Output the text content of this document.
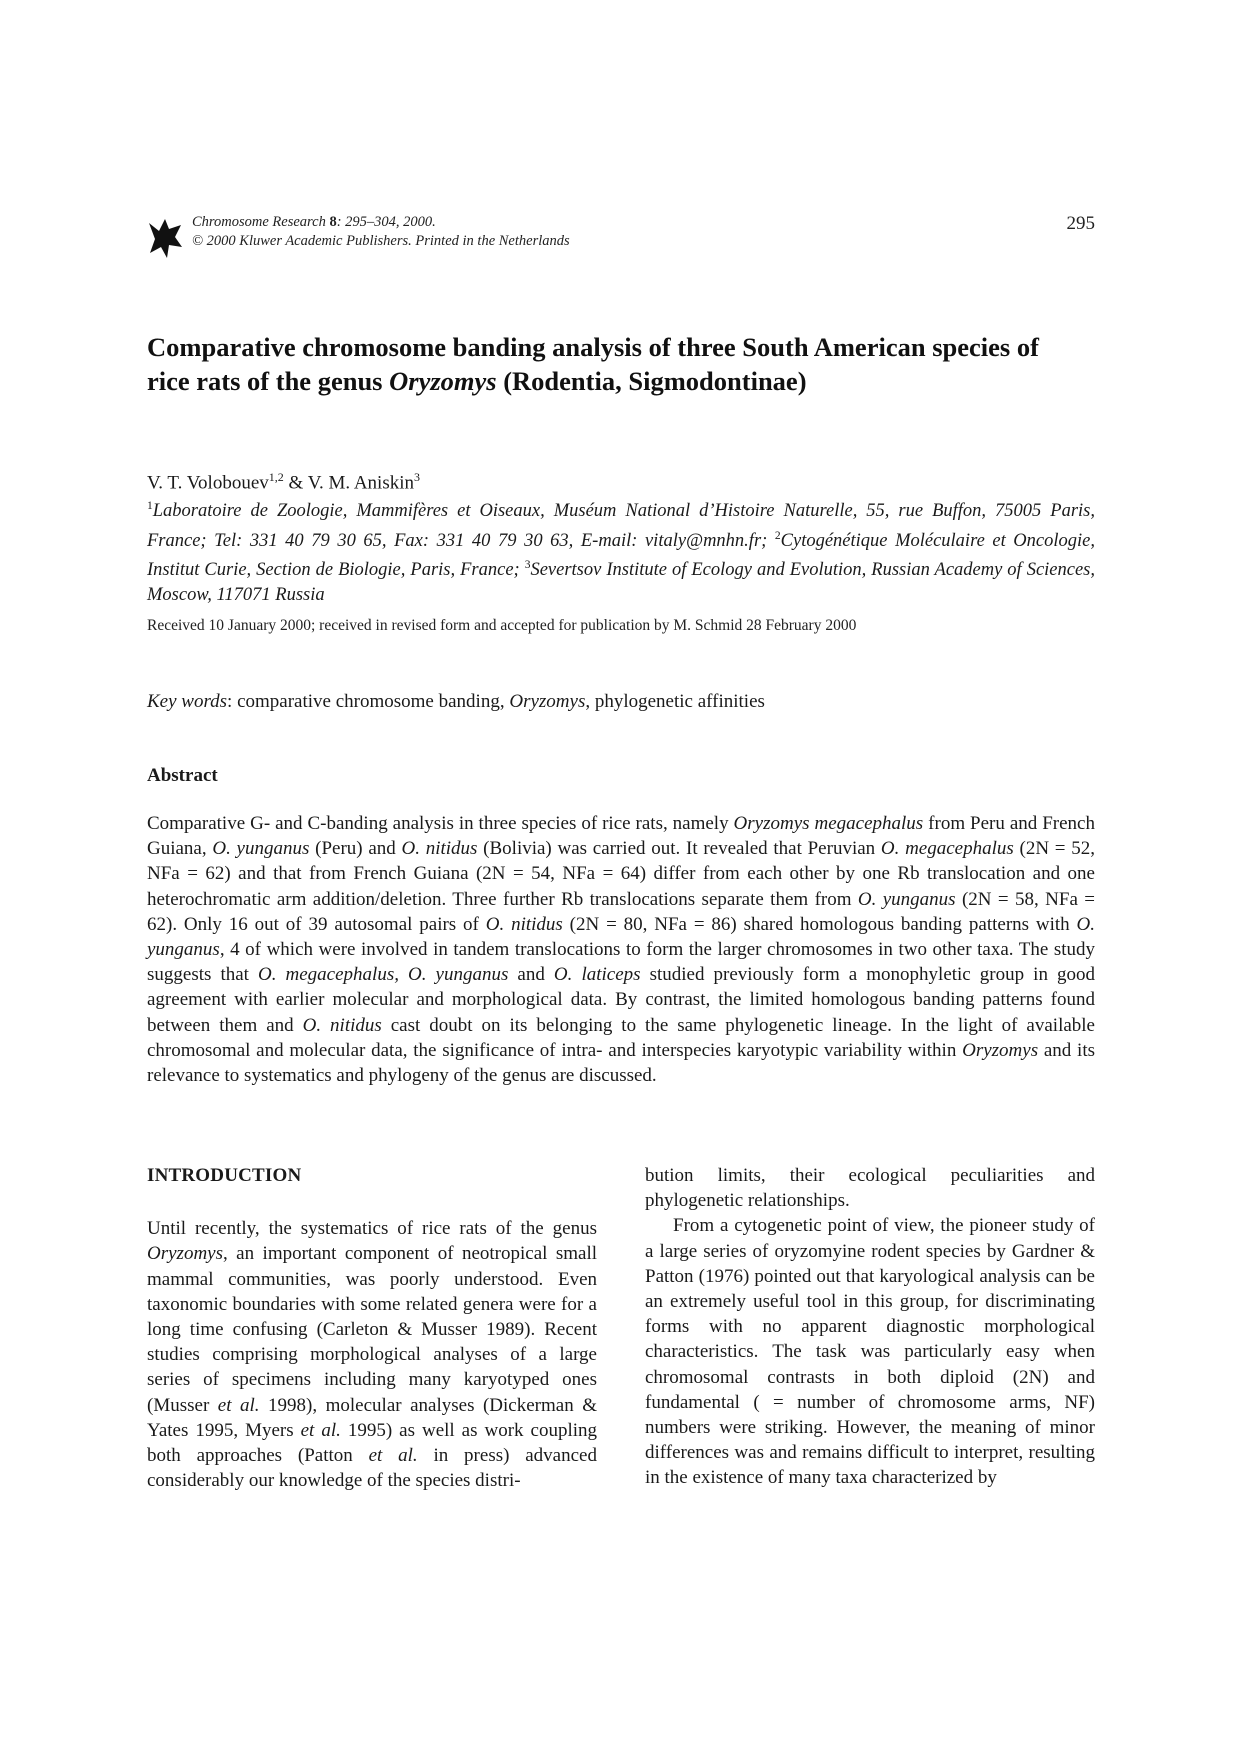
Chromosome Research 8: 295–304, 2000.
© 2000 Kluwer Academic Publishers. Printed in the Netherlands
295
Comparative chromosome banding analysis of three South American species of
rice rats of the genus Oryzomys (Rodentia, Sigmodontinae)

V. T. Volobouev$^{1,2}$ & V. M. Aniskin$^3$

$^1$Laboratoire de Zoologie, Mammifères et Oiseaux, Muséum National d’Histoire Naturelle, 55, rue Buffon, 75005 Paris, France; Tel: 331 40 79 30 65, Fax: 331 40 79 30 63, E-mail: vitaly@mnhn.fr; $^2$Cytogénétique Moléculaire et Oncologie, Institut Curie, Section de Biologie, Paris, France; $^3$Severtsov Institute of Ecology and Evolution, Russian Academy of Sciences, Moscow, 117071 Russia

Received 10 January 2000; received in revised form and accepted for publication by M. Schmid 28 February 2000

Key words: comparative chromosome banding, Oryzomys, phylogenetic affinities

Abstract

Comparative G- and C-banding analysis in three species of rice rats, namely Oryzomys megacephalus from Peru and French Guiana, O. yunganus (Peru) and O. nitidus (Bolivia) was carried out. It revealed that Peruvian O. megacephalus (2N = 52, NFa = 62) and that from French Guiana (2N = 54, NFa = 64) differ from each other by one Rb translocation and one heterochromatic arm addition/deletion. Three further Rb translocations separate them from O. yunganus (2N = 58, NFa = 62). Only 16 out of 39 autosomal pairs of O. nitidus (2N = 80, NFa = 86) shared homologous banding patterns with O. yunganus, 4 of which were involved in tandem translocations to form the larger chromosomes in two other taxa. The study suggests that O. megacephalus, O. yunganus and O. laticeps studied previously form a monophyletic group in good agreement with earlier molecular and morphological data. By contrast, the limited homologous banding patterns found between them and O. nitidus cast doubt on its belonging to the same phylogenetic lineage. In the light of available chromosomal and molecular data, the significance of intra- and interspecies karyotypic variability within Oryzomys and its relevance to systematics and phylogeny of the genus are discussed.

INTRODUCTION

Until recently, the systematics of rice rats of the genus Oryzomys, an important component of neotropical small mammal communities, was poorly understood. Even taxonomic boundaries with some related genera were for a long time confusing (Carleton & Musser 1989). Recent studies comprising morphological analyses of a large series of specimens including many karyotyped ones (Musser et al. 1998), molecular analyses (Dickerman & Yates 1995, Myers et al. 1995) as well as work coupling both approaches (Patton et al. in press) advanced considerably our knowledge of the species distri-

bution limits, their ecological peculiarities and phylogenetic relationships.

From a cytogenetic point of view, the pioneer study of a large series of oryzomyine rodent species by Gardner & Patton (1976) pointed out that karyological analysis can be an extremely useful tool in this group, for discriminating forms with no apparent diagnostic morphological characteristics. The task was particularly easy when chromosomal contrasts in both diploid (2N) and fundamental ( = number of chromosome arms, NF) numbers were striking. However, the meaning of minor differences was and remains difficult to interpret, resulting in the existence of many taxa characterized by
